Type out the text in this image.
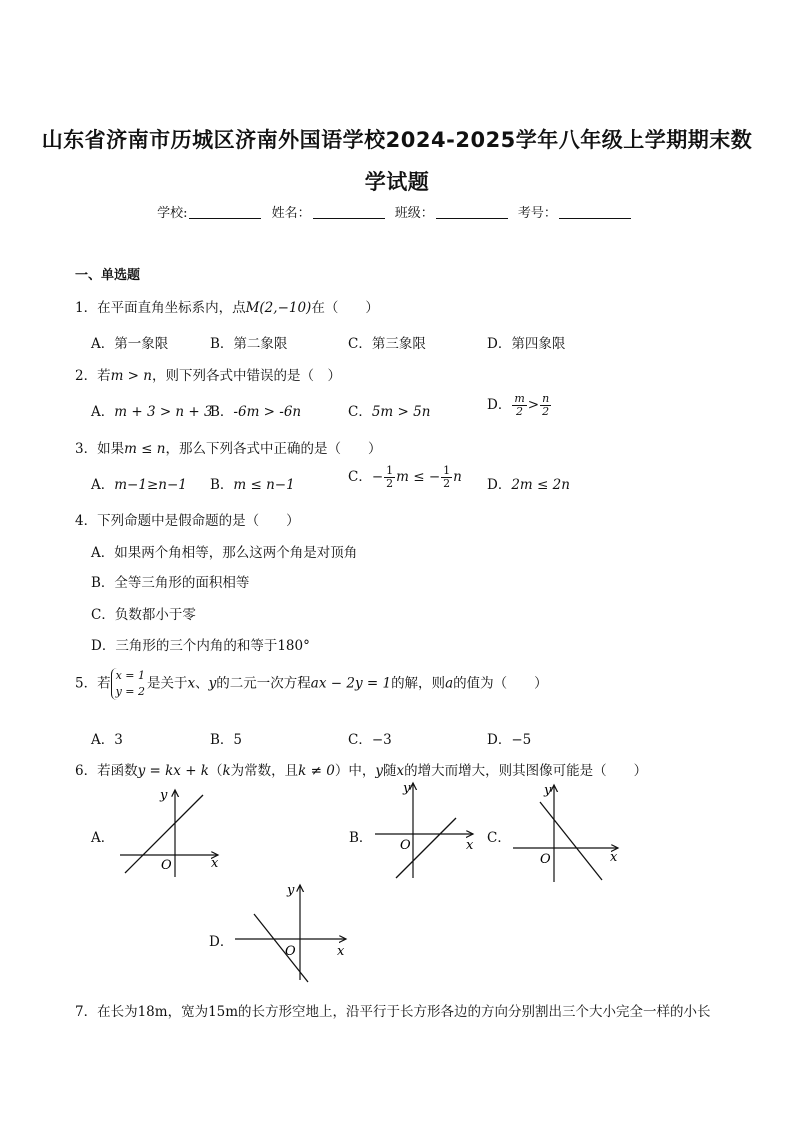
山东省济南市历城区济南外国语学校2024-2025学年八年级上学期期末数
学试题
学校:	姓名：	班级：	考号：
一、单选题
1．在平面直角坐标系内，点M(2,−10)在（　　）
A．第一象限	B．第二象限	C．第三象限	D．第四象限
2．若m > n，则下列各式中错误的是（　）
A．m + 3 > n + 3
B．-6m > -6n	C．5m > 5n	D． $\frac{m}{2} > \frac{n}{2}$
3．如果m ≤ n，那么下列各式中正确的是（　　）
A．m−1≥n−1 B．m ≤ n−1	C．− $\frac{1}{2}$ m ≤ − $\frac{1}{2}$ n D．2m ≤ 2n
4．下列命题中是假命题的是（　　）
A．如果两个角相等，那么这两个角是对顶角
B．全等三角形的面积相等
C．负数都小于零
D．三角形的三个内角的和等于180°
5．若 x = 1
y = 2 是关于x、y的二元一次方程ax − 2y = 1的解，则a的值为（　　）
A．3	B．5	C．−3	D．−5
6．若函数y = kx + k（k为常数，且k ≠ 0）中，y随x的增大而增大，则其图像可能是（　　）
A．	B．	C．
D．
O	x
y
O	x
y
O	x
y
O	x
y
7．在长为18m，宽为15m的长方形空地上，沿平行于长方形各边的方向分别割出三个大小完全一样的小长
